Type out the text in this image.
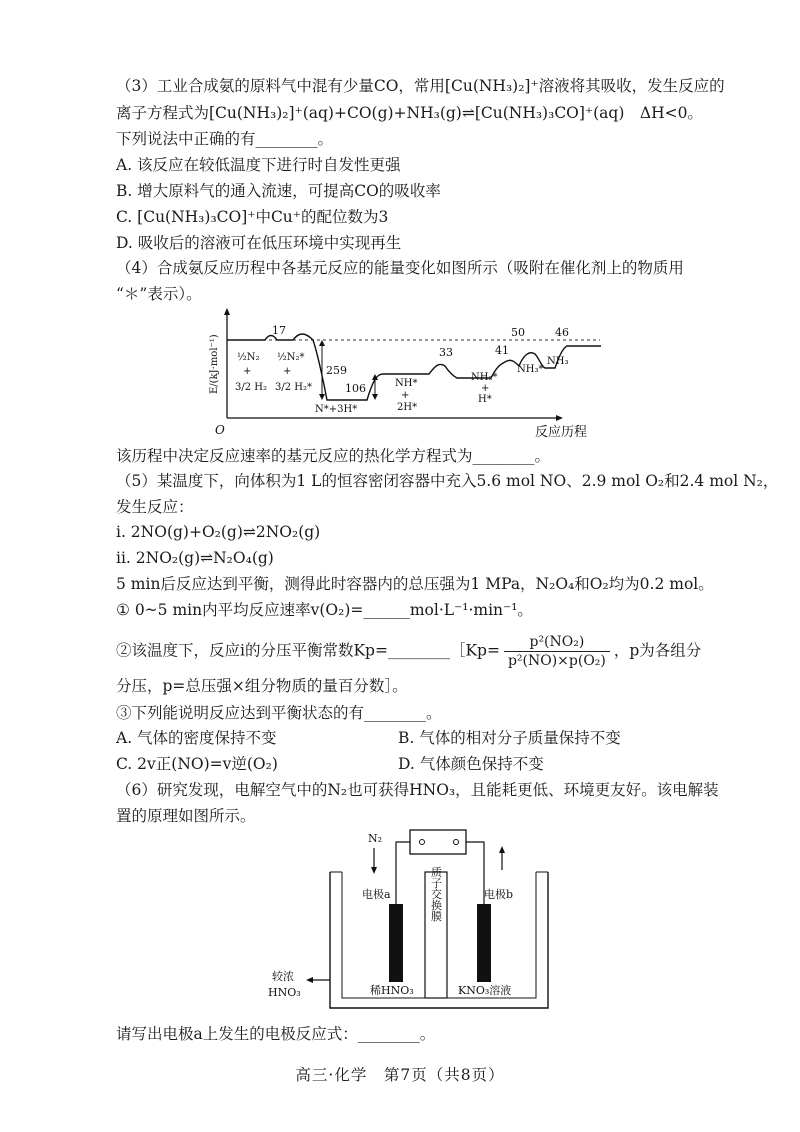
（3）工业合成氨的原料气中混有少量CO，常用[Cu(NH₃)₂]⁺溶液将其吸收，发生反应的
离子方程式为[Cu(NH₃)₂]⁺(aq)+CO(g)+NH₃(g)⇌[Cu(NH₃)₃CO]⁺(aq)　ΔH<0。
下列说法中正确的有________。
A. 该反应在较低温度下进行时自发性更强
B. 增大原料气的通入流速，可提高CO的吸收率
C. [Cu(NH₃)₃CO]⁺中Cu⁺的配位数为3
D. 吸收后的溶液可在低压环境中实现再生
（4）合成氨反应历程中各基元反应的能量变化如图所示（吸附在催化剂上的物质用
“＊”表示）。
E/(kJ·mol⁻¹)
O
17
259
106
33	41
50	46
½N₂
+
3/2 H₂
½N₂*
+
3/2 H₂*
N*+3H*
NH*
+
2H*
NH₂*
+
H*
NH₃*
NH₃
反应历程
该历程中决定反应速率的基元反应的热化学方程式为________。
（5）某温度下，向体积为1 L的恒容密闭容器中充入5.6 mol NO、2.9 mol O₂和2.4 mol N₂，
发生反应：
i. 2NO(g)+O₂(g)⇌2NO₂(g)
ii. 2NO₂(g)⇌N₂O₄(g)
5 min后反应达到平衡，测得此时容器内的总压强为1 MPa，N₂O₄和O₂均为0.2 mol。
① 0~5 min内平均反应速率v(O₂)=______mol·L⁻¹·min⁻¹。
②该温度下，反应i的分压平衡常数Kp=________［Kp= $\frac{\text{p²(NO₂)}}{\text{p²(NO)×p(O₂)}}$ ，p为各组分
分压，p=总压强×组分物质的量百分数］。
③下列能说明反应达到平衡状态的有________。
A. 气体的密度保持不变	B. 气体的相对分子质量保持不变
C. 2v正(NO)=v逆(O₂)	D. 气体颜色保持不变
（6）研究发现，电解空气中的N₂也可获得HNO₃，且能耗更低、环境更友好。该电解装
置的原理如图所示。
N₂
质子交换膜
电极a	电极b
稀HNO₃	KNO₃溶液
较浓
HNO₃
请写出电极a上发生的电极反应式：________。
高三·化学　第7页（共8页）
